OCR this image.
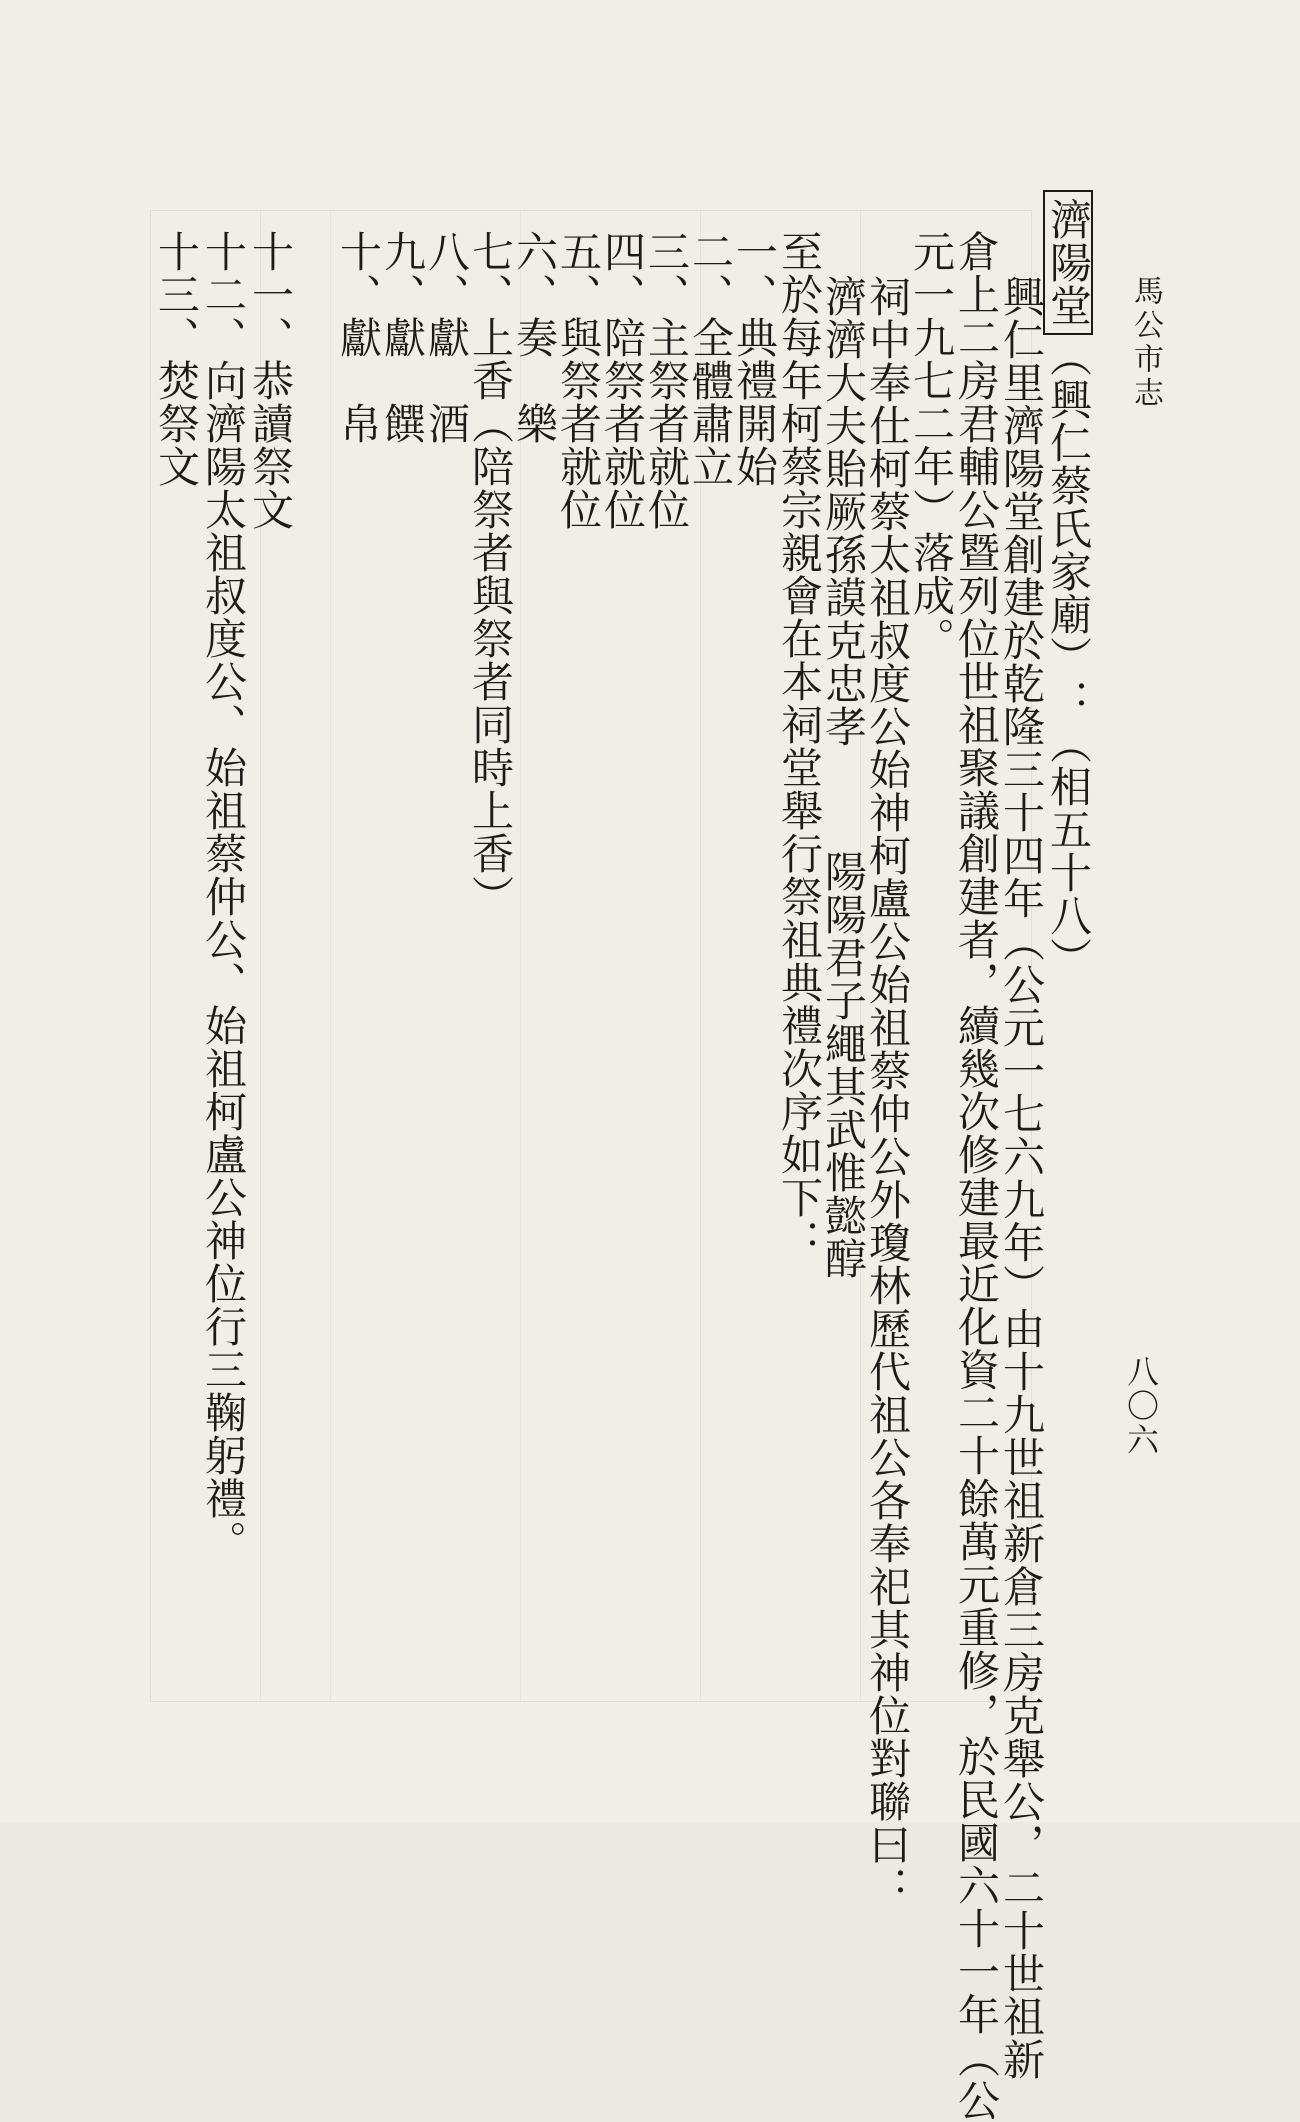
馬公市志
八〇六
濟陽堂（興仁蔡氏家廟）：（相五十八）
興仁里濟陽堂創建於乾隆三十四年（公元一七六九年）由十九世祖新倉三房克舉公，二十世祖新
倉上二房君輔公暨列位世祖聚議創建者，續幾次修建最近化資二十餘萬元重修，於民國六十一年（公
元一九七二年）落成。
祠中奉仕柯蔡太祖叔度公始神柯盧公始祖蔡仲公外瓊林歷代祖公各奉祀其神位對聯曰：
濟濟大夫貽厥孫謨克忠孝
陽陽君子繩其武惟懿醇
至於每年柯蔡宗親會在本祠堂舉行祭祖典禮次序如下：
一、典禮開始
二、全體肅立
三、主祭者就位
四、陪祭者就位
五、與祭者就位
六、奏　樂
七、上香（陪祭者與祭者同時上香）
八、獻　酒
九、獻　饌
十、獻　帛
十一、恭讀祭文
十二、向濟陽太祖叔度公、始祖蔡仲公、始祖柯盧公神位行三鞠躬禮。
十三、焚祭文
